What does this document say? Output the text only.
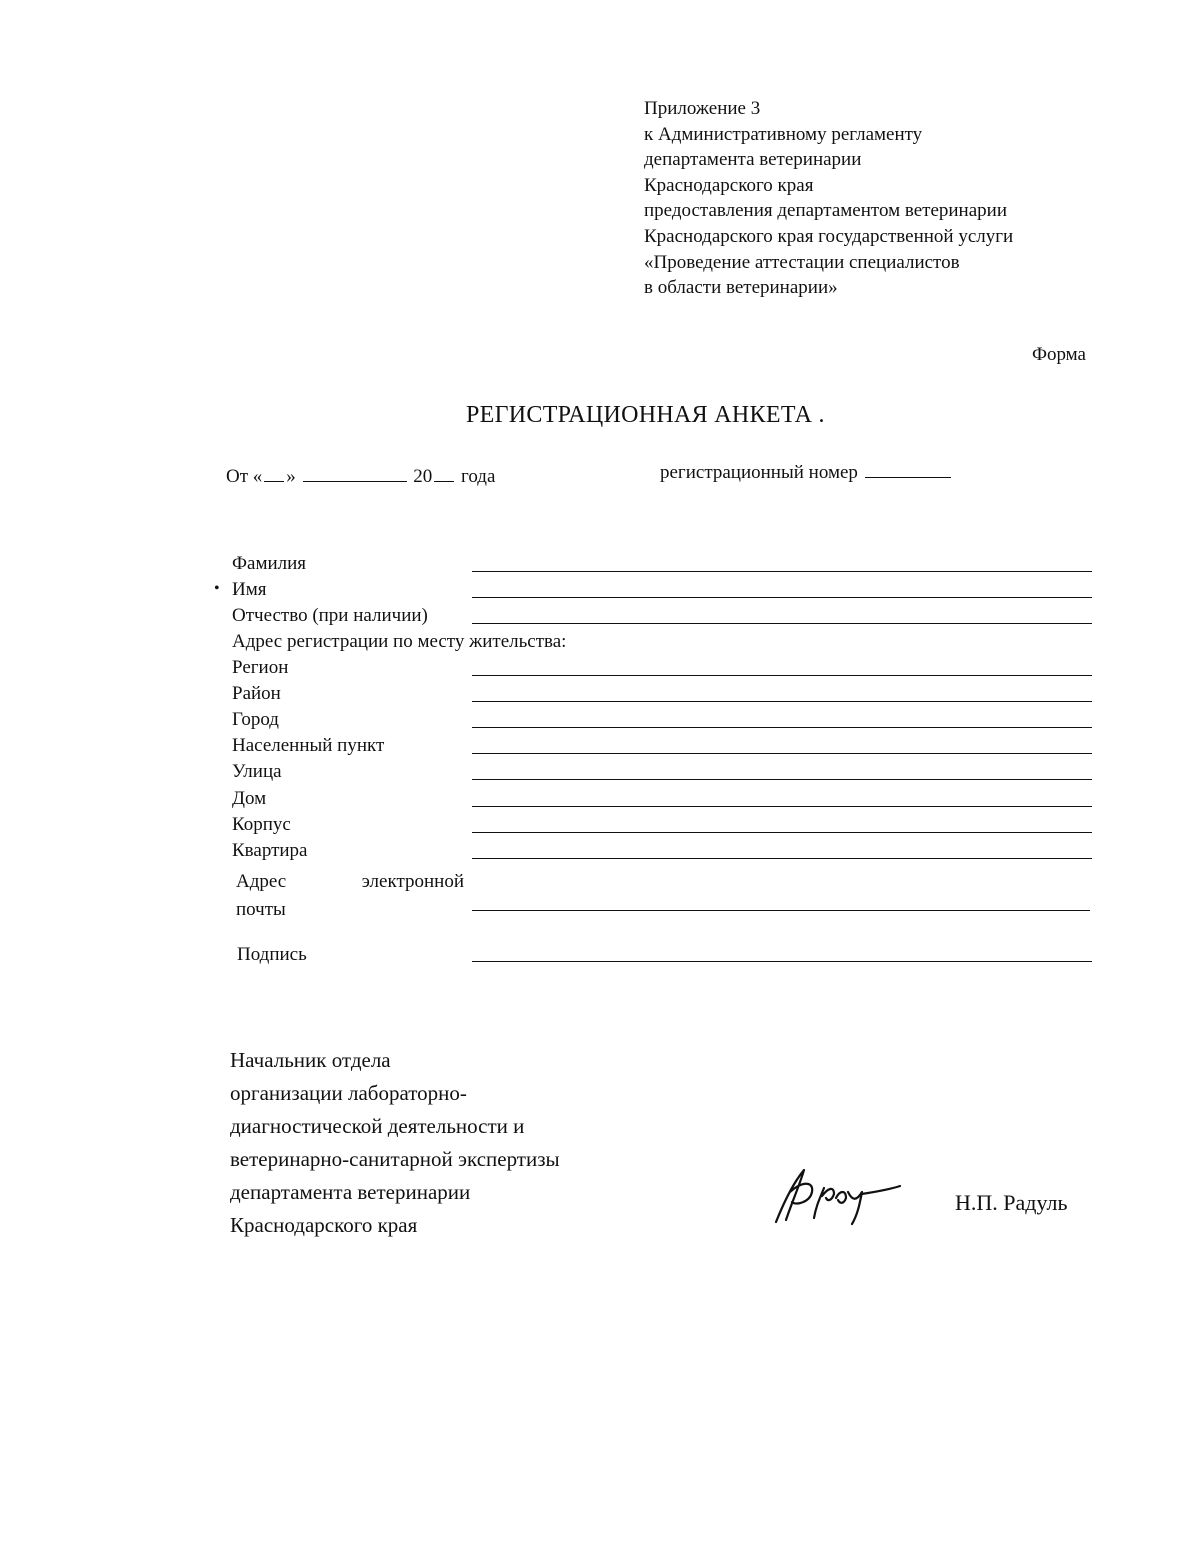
Приложение 3
к Административному регламенту
департамента ветеринарии
Краснодарского края
предоставления департаментом ветеринарии
Краснодарского края государственной услуги
«Проведение аттестации специалистов
в области ветеринарии»
Форма
РЕГИСТРАЦИОННАЯ АНКЕТА .
От « »	20 года	регистрационный номер
•
Фамилия
Имя
Отчество (при наличии)
Адрес регистрации по месту жительства:
Регион
Район
Город
Населенный пункт
Улица
Дом
Корпус
Квартира
Адрес	электронной
почты
Подпись
Начальник отдела
организации лабораторно-
диагностической деятельности и
ветеринарно-санитарной экспертизы
департамента ветеринарии
Краснодарского края
Н.П. Радуль
